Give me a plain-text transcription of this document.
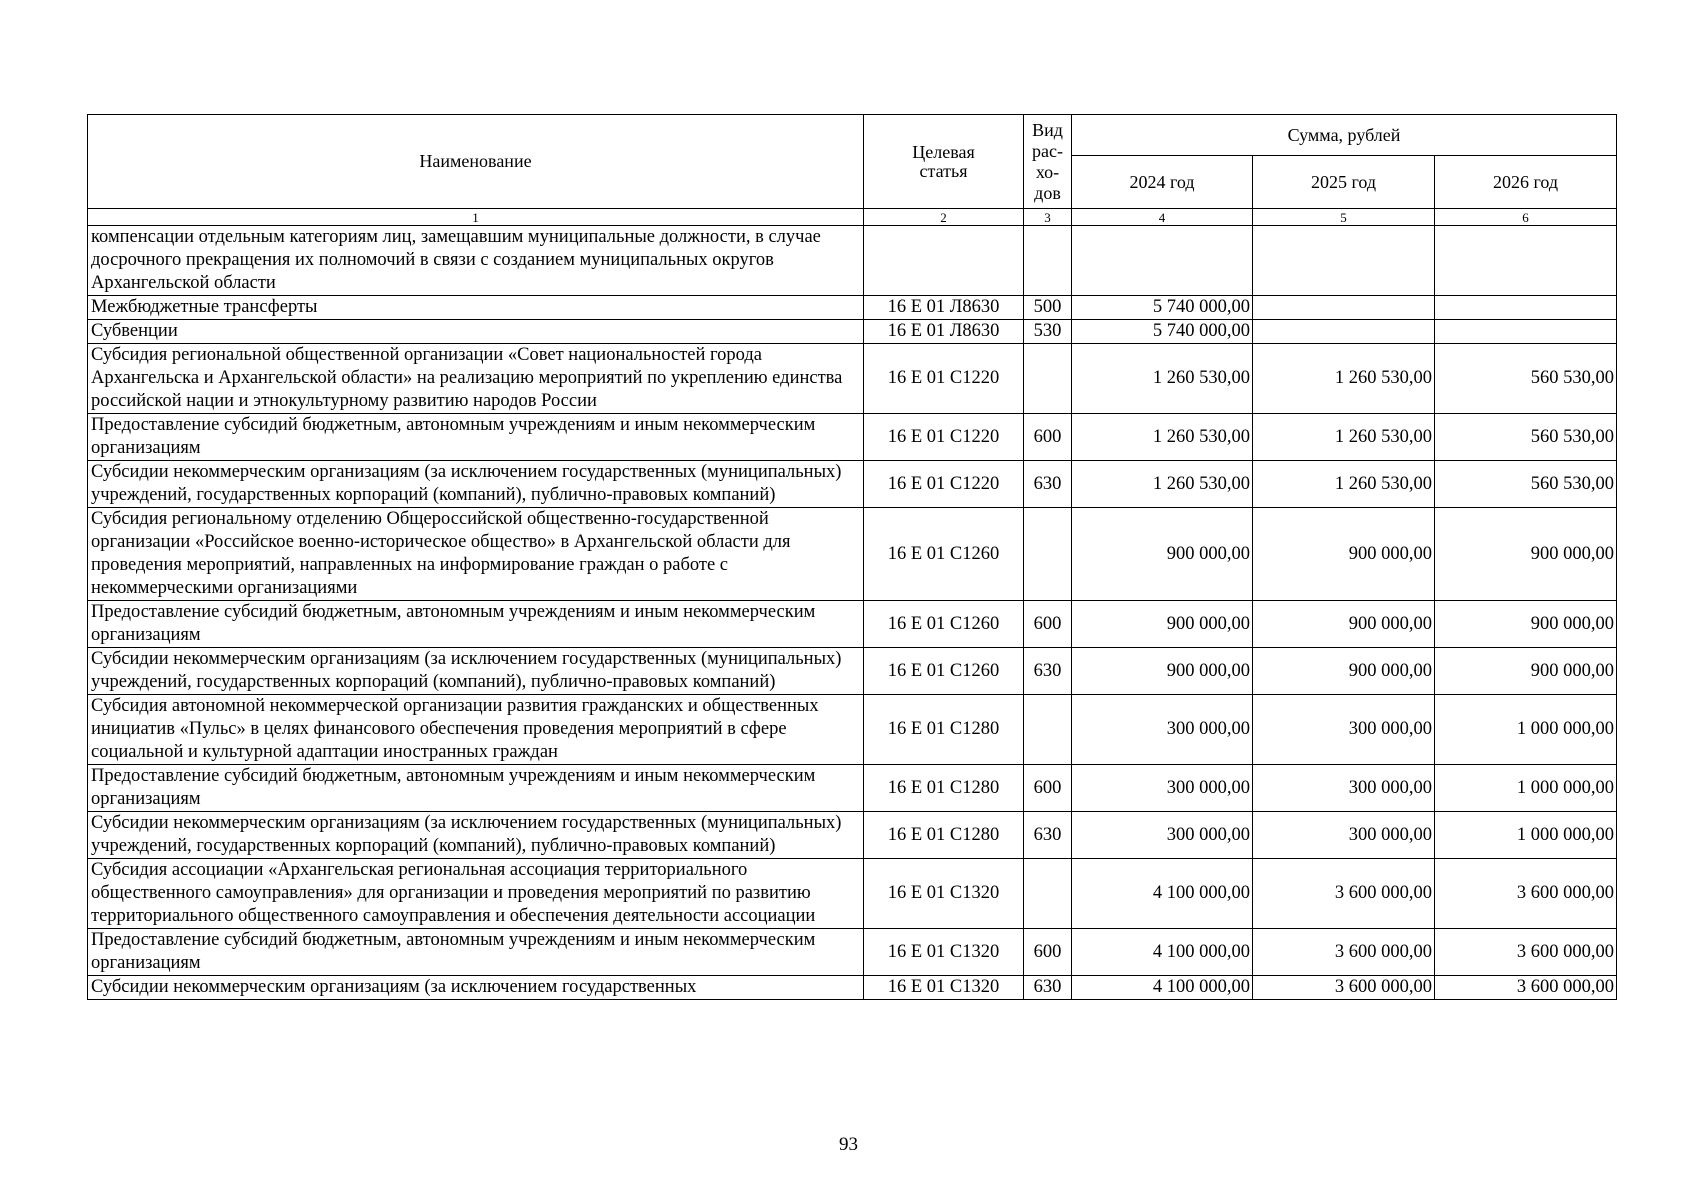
Наименование	Целевая статья	Вид
рас-
хо-
дов	Сумма, рублей		
			2024 год	2025 год	2026 год
1	2	3	4	5	6
компенсации отдельным категориям лиц, замещавшим муниципальные должности, в случае досрочного прекращения их полномочий в связи с созданием муниципальных округов Архангельской области					
Межбюджетные трансферты	16 Е 01 Л8630	500	5 740 000,00		
Субвенции	16 Е 01 Л8630	530	5 740 000,00		
Субсидия региональной общественной организации «Совет национальностей города Архангельска и Архангельской области» на реализацию мероприятий по укреплению единства российской нации и этнокультурному развитию народов России	16 Е 01 С1220		1 260 530,00	1 260 530,00	560 530,00
Предоставление субсидий бюджетным, автономным учреждениям и иным некоммерческим организациям	16 Е 01 С1220	600	1 260 530,00	1 260 530,00	560 530,00
Субсидии некоммерческим организациям (за исключением государственных (муниципальных) учреждений, государственных корпораций (компаний), публично-правовых компаний)	16 Е 01 С1220	630	1 260 530,00	1 260 530,00	560 530,00
Субсидия региональному отделению Общероссийской общественно-государственной организации «Российское военно-историческое общество» в Архангельской области для проведения мероприятий, направленных на информирование граждан о работе с некоммерческими организациями	16 Е 01 С1260		900 000,00	900 000,00	900 000,00
Предоставление субсидий бюджетным, автономным учреждениям и иным некоммерческим организациям	16 Е 01 С1260	600	900 000,00	900 000,00	900 000,00
Субсидии некоммерческим организациям (за исключением государственных (муниципальных) учреждений, государственных корпораций (компаний), публично-правовых компаний)	16 Е 01 С1260	630	900 000,00	900 000,00	900 000,00
Субсидия автономной некоммерческой организации развития гражданских и общественных инициатив «Пульс» в целях финансового обеспечения проведения мероприятий в сфере социальной и культурной адаптации иностранных граждан	16 Е 01 С1280		300 000,00	300 000,00	1 000 000,00
Предоставление субсидий бюджетным, автономным учреждениям и иным некоммерческим организациям	16 Е 01 С1280	600	300 000,00	300 000,00	1 000 000,00
Субсидии некоммерческим организациям (за исключением государственных (муниципальных) учреждений, государственных корпораций (компаний), публично-правовых компаний)	16 Е 01 С1280	630	300 000,00	300 000,00	1 000 000,00
Субсидия ассоциации «Архангельская региональная ассоциация территориального общественного самоуправления» для организации и проведения мероприятий по развитию территориального общественного самоуправления и обеспечения деятельности ассоциации	16 Е 01 С1320		4 100 000,00	3 600 000,00	3 600 000,00
Предоставление субсидий бюджетным, автономным учреждениям и иным некоммерческим организациям	16 Е 01 С1320	600	4 100 000,00	3 600 000,00	3 600 000,00
Субсидии некоммерческим организациям (за исключением государственных	16 Е 01 С1320	630	4 100 000,00	3 600 000,00	3 600 000,00
93
